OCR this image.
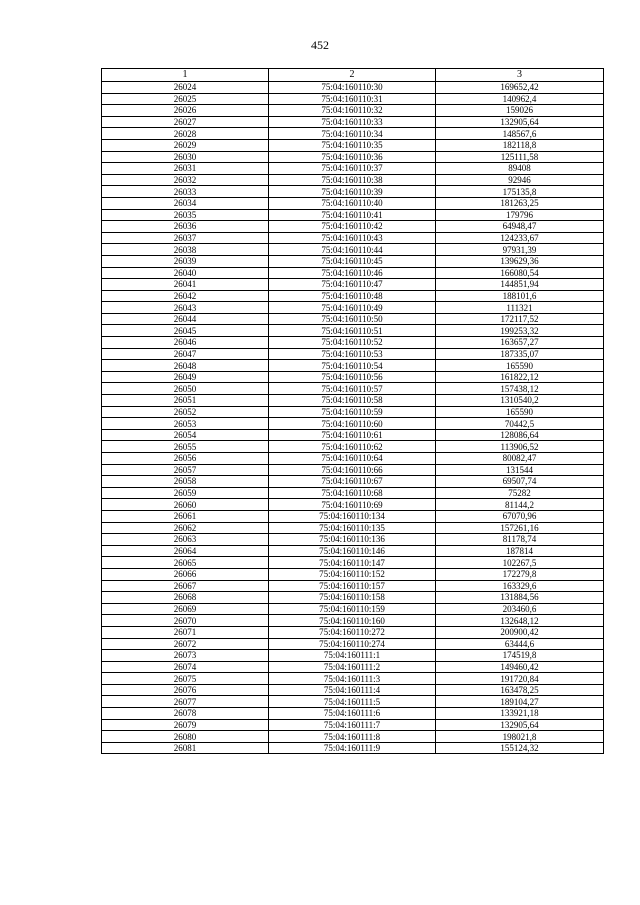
452
1	2	3
26024	75:04:160110:30	169652,42
26025	75:04:160110:31	140962,4
26026	75:04:160110:32	159026
26027	75:04:160110:33	132905,64
26028	75:04:160110:34	148567,6
26029	75:04:160110:35	182118,8
26030	75:04:160110:36	125111,58
26031	75:04:160110:37	89408
26032	75:04:160110:38	92946
26033	75:04:160110:39	175135,8
26034	75:04:160110:40	181263,25
26035	75:04:160110:41	179796
26036	75:04:160110:42	64948,47
26037	75:04:160110:43	124233,67
26038	75:04:160110:44	97931,39
26039	75:04:160110:45	139629,36
26040	75:04:160110:46	166080,54
26041	75:04:160110:47	144851,94
26042	75:04:160110:48	188101,6
26043	75:04:160110:49	111321
26044	75:04:160110:50	172117,52
26045	75:04:160110:51	199253,32
26046	75:04:160110:52	163657,27
26047	75:04:160110:53	187335,07
26048	75:04:160110:54	165590
26049	75:04:160110:56	161822,12
26050	75:04:160110:57	157438,12
26051	75:04:160110:58	1310540,2
26052	75:04:160110:59	165590
26053	75:04:160110:60	70442,5
26054	75:04:160110:61	128086,64
26055	75:04:160110:62	113906,52
26056	75:04:160110:64	80082,47
26057	75:04:160110:66	131544
26058	75:04:160110:67	69507,74
26059	75:04:160110:68	75282
26060	75:04:160110:69	81144,2
26061	75:04:160110:134	67070,96
26062	75:04:160110:135	157261,16
26063	75:04:160110:136	81178,74
26064	75:04:160110:146	187814
26065	75:04:160110:147	102267,5
26066	75:04:160110:152	172279,8
26067	75:04:160110:157	163329,6
26068	75:04:160110:158	131884,56
26069	75:04:160110:159	203460,6
26070	75:04:160110:160	132648,12
26071	75:04:160110:272	200900,42
26072	75:04:160110:274	63444,6
26073	75:04:160111:1	174519,8
26074	75:04:160111:2	149460,42
26075	75:04:160111:3	191720,84
26076	75:04:160111:4	163478,25
26077	75:04:160111:5	189104,27
26078	75:04:160111:6	133921,18
26079	75:04:160111:7	132905,64
26080	75:04:160111:8	198021,8
26081	75:04:160111:9	155124,32
